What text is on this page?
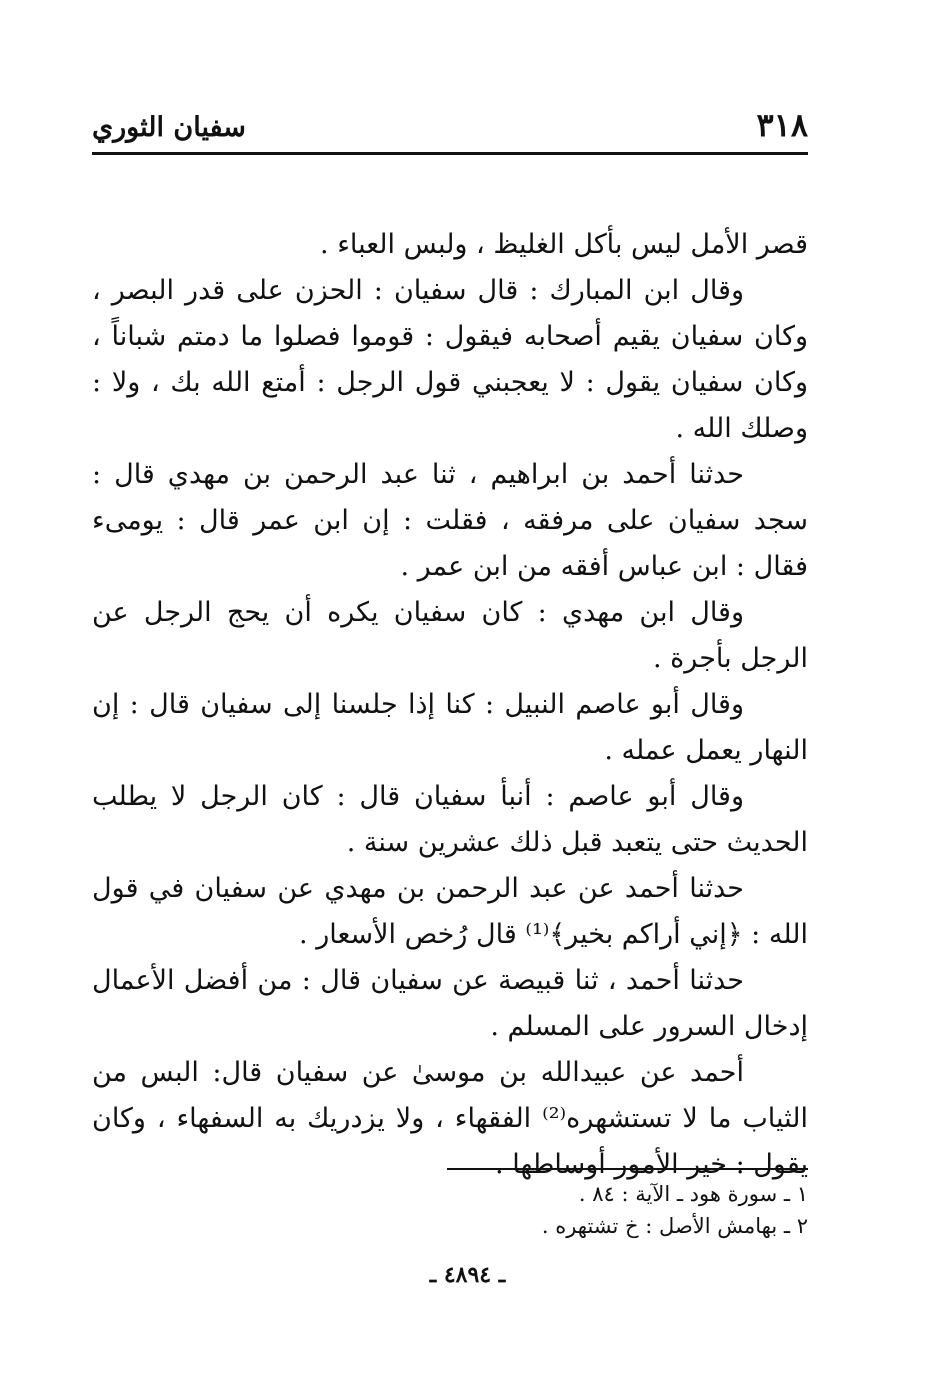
سفيان الثوري	٣١٨

قصر الأمل ليس بأكل الغليظ ، ولبس العباء .

وقال ابن المبارك : قال سفيان : الحزن على قدر البصر ، وكان سفيان يقيم أصحابه فيقول : قوموا فصلوا ما دمتم شباناً ، وكان سفيان يقول : لا يعجبني قول الرجل : أمتع الله بك ، ولا : وصلك الله .

حدثنا أحمد بن ابراهيم ، ثنا عبد الرحمن بن مهدي قال : سجد سفيان على مرفقه ، فقلت : إن ابن عمر قال : يومىء فقال : ابن عباس أفقه من ابن عمر .

وقال ابن مهدي : كان سفيان يكره أن يحج الرجل عن الرجل بأجرة .

وقال أبو عاصم النبيل : كنا إذا جلسنا إلى سفيان قال : إن النهار يعمل عمله .

وقال أبو عاصم : أنبأ سفيان قال : كان الرجل لا يطلب الحديث حتى يتعبد قبل ذلك عشرين سنة .

حدثنا أحمد عن عبد الرحمن بن مهدي عن سفيان في قول الله : ﴿إني أراكم بخير﴾⁽¹⁾ قال رُخص الأسعار .

حدثنا أحمد ، ثنا قبيصة عن سفيان قال : من أفضل الأعمال إدخال السرور على المسلم .

أحمد عن عبيدالله بن موسىٰ عن سفيان قال: البس من الثياب ما لا تستشهره⁽²⁾ الفقهاء ، ولا يزدريك به السفهاء ، وكان يقول : خير الأمور أوساطها .

١ ـ سورة هود ـ الآية : ٨٤ .

٢ ـ بهامش الأصل : خ تشتهره .

ـ ٤٨٩٤ ـ
